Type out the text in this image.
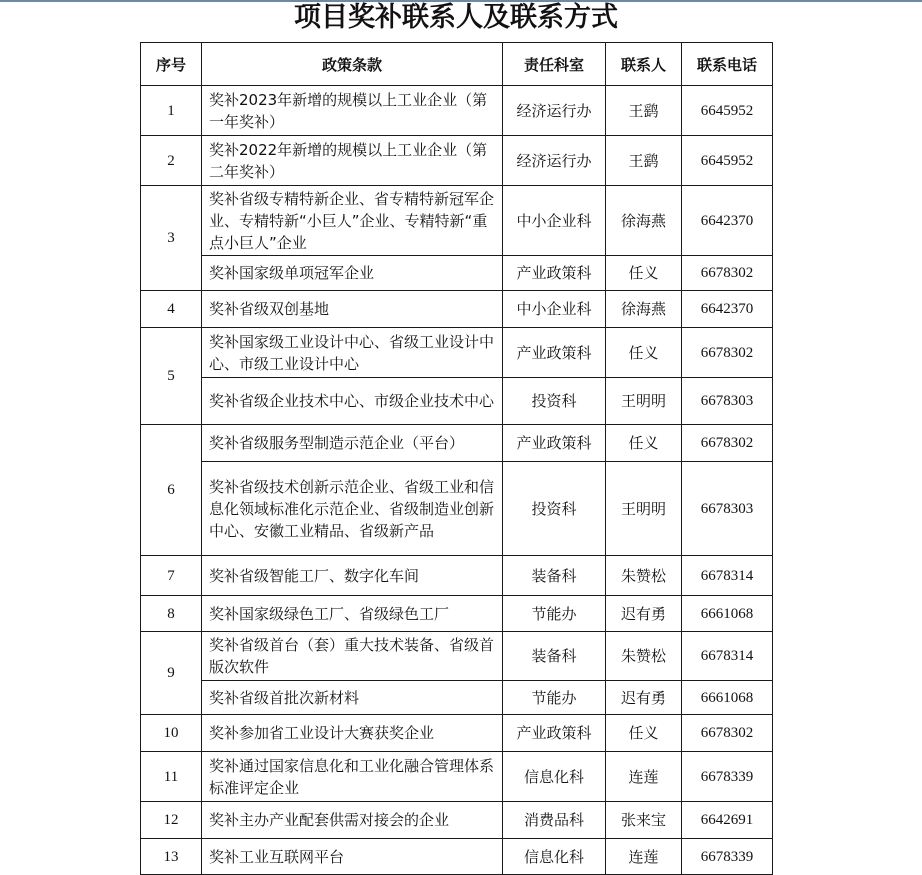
项目奖补联系人及联系方式
序号	政策条款	责任科室	联系人	联系电话
1	奖补2023年新增的规模以上工业企业（第一年奖补）	经济运行办	王鹞	6645952
2	奖补2022年新增的规模以上工业企业（第二年奖补）	经济运行办	王鹞	6645952
3	奖补省级专精特新企业、省专精特新冠军企业、专精特新“小巨人”企业、专精特新“重点小巨人”企业	中小企业科	徐海燕	6642370
	奖补国家级单项冠军企业	产业政策科	任义	6678302
4	奖补省级双创基地	中小企业科	徐海燕	6642370
5	奖补国家级工业设计中心、省级工业设计中心、市级工业设计中心	产业政策科	任义	6678302
	奖补省级企业技术中心、市级企业技术中心	投资科	王明明	6678303
6	奖补省级服务型制造示范企业（平台）	产业政策科	任义	6678302
	奖补省级技术创新示范企业、省级工业和信息化领域标准化示范企业、省级制造业创新中心、安徽工业精品、省级新产品	投资科	王明明	6678303
7	奖补省级智能工厂、数字化车间	装备科	朱赞松	6678314
8	奖补国家级绿色工厂、省级绿色工厂	节能办	迟有勇	6661068
9	奖补省级首台（套）重大技术装备、省级首版次软件	装备科	朱赞松	6678314
	奖补省级首批次新材料	节能办	迟有勇	6661068
10	奖补参加省工业设计大赛获奖企业	产业政策科	任义	6678302
11	奖补通过国家信息化和工业化融合管理体系标准评定企业	信息化科	连莲	6678339
12	奖补主办产业配套供需对接会的企业	消费品科	张来宝	6642691
13	奖补工业互联网平台	信息化科	连莲	6678339
